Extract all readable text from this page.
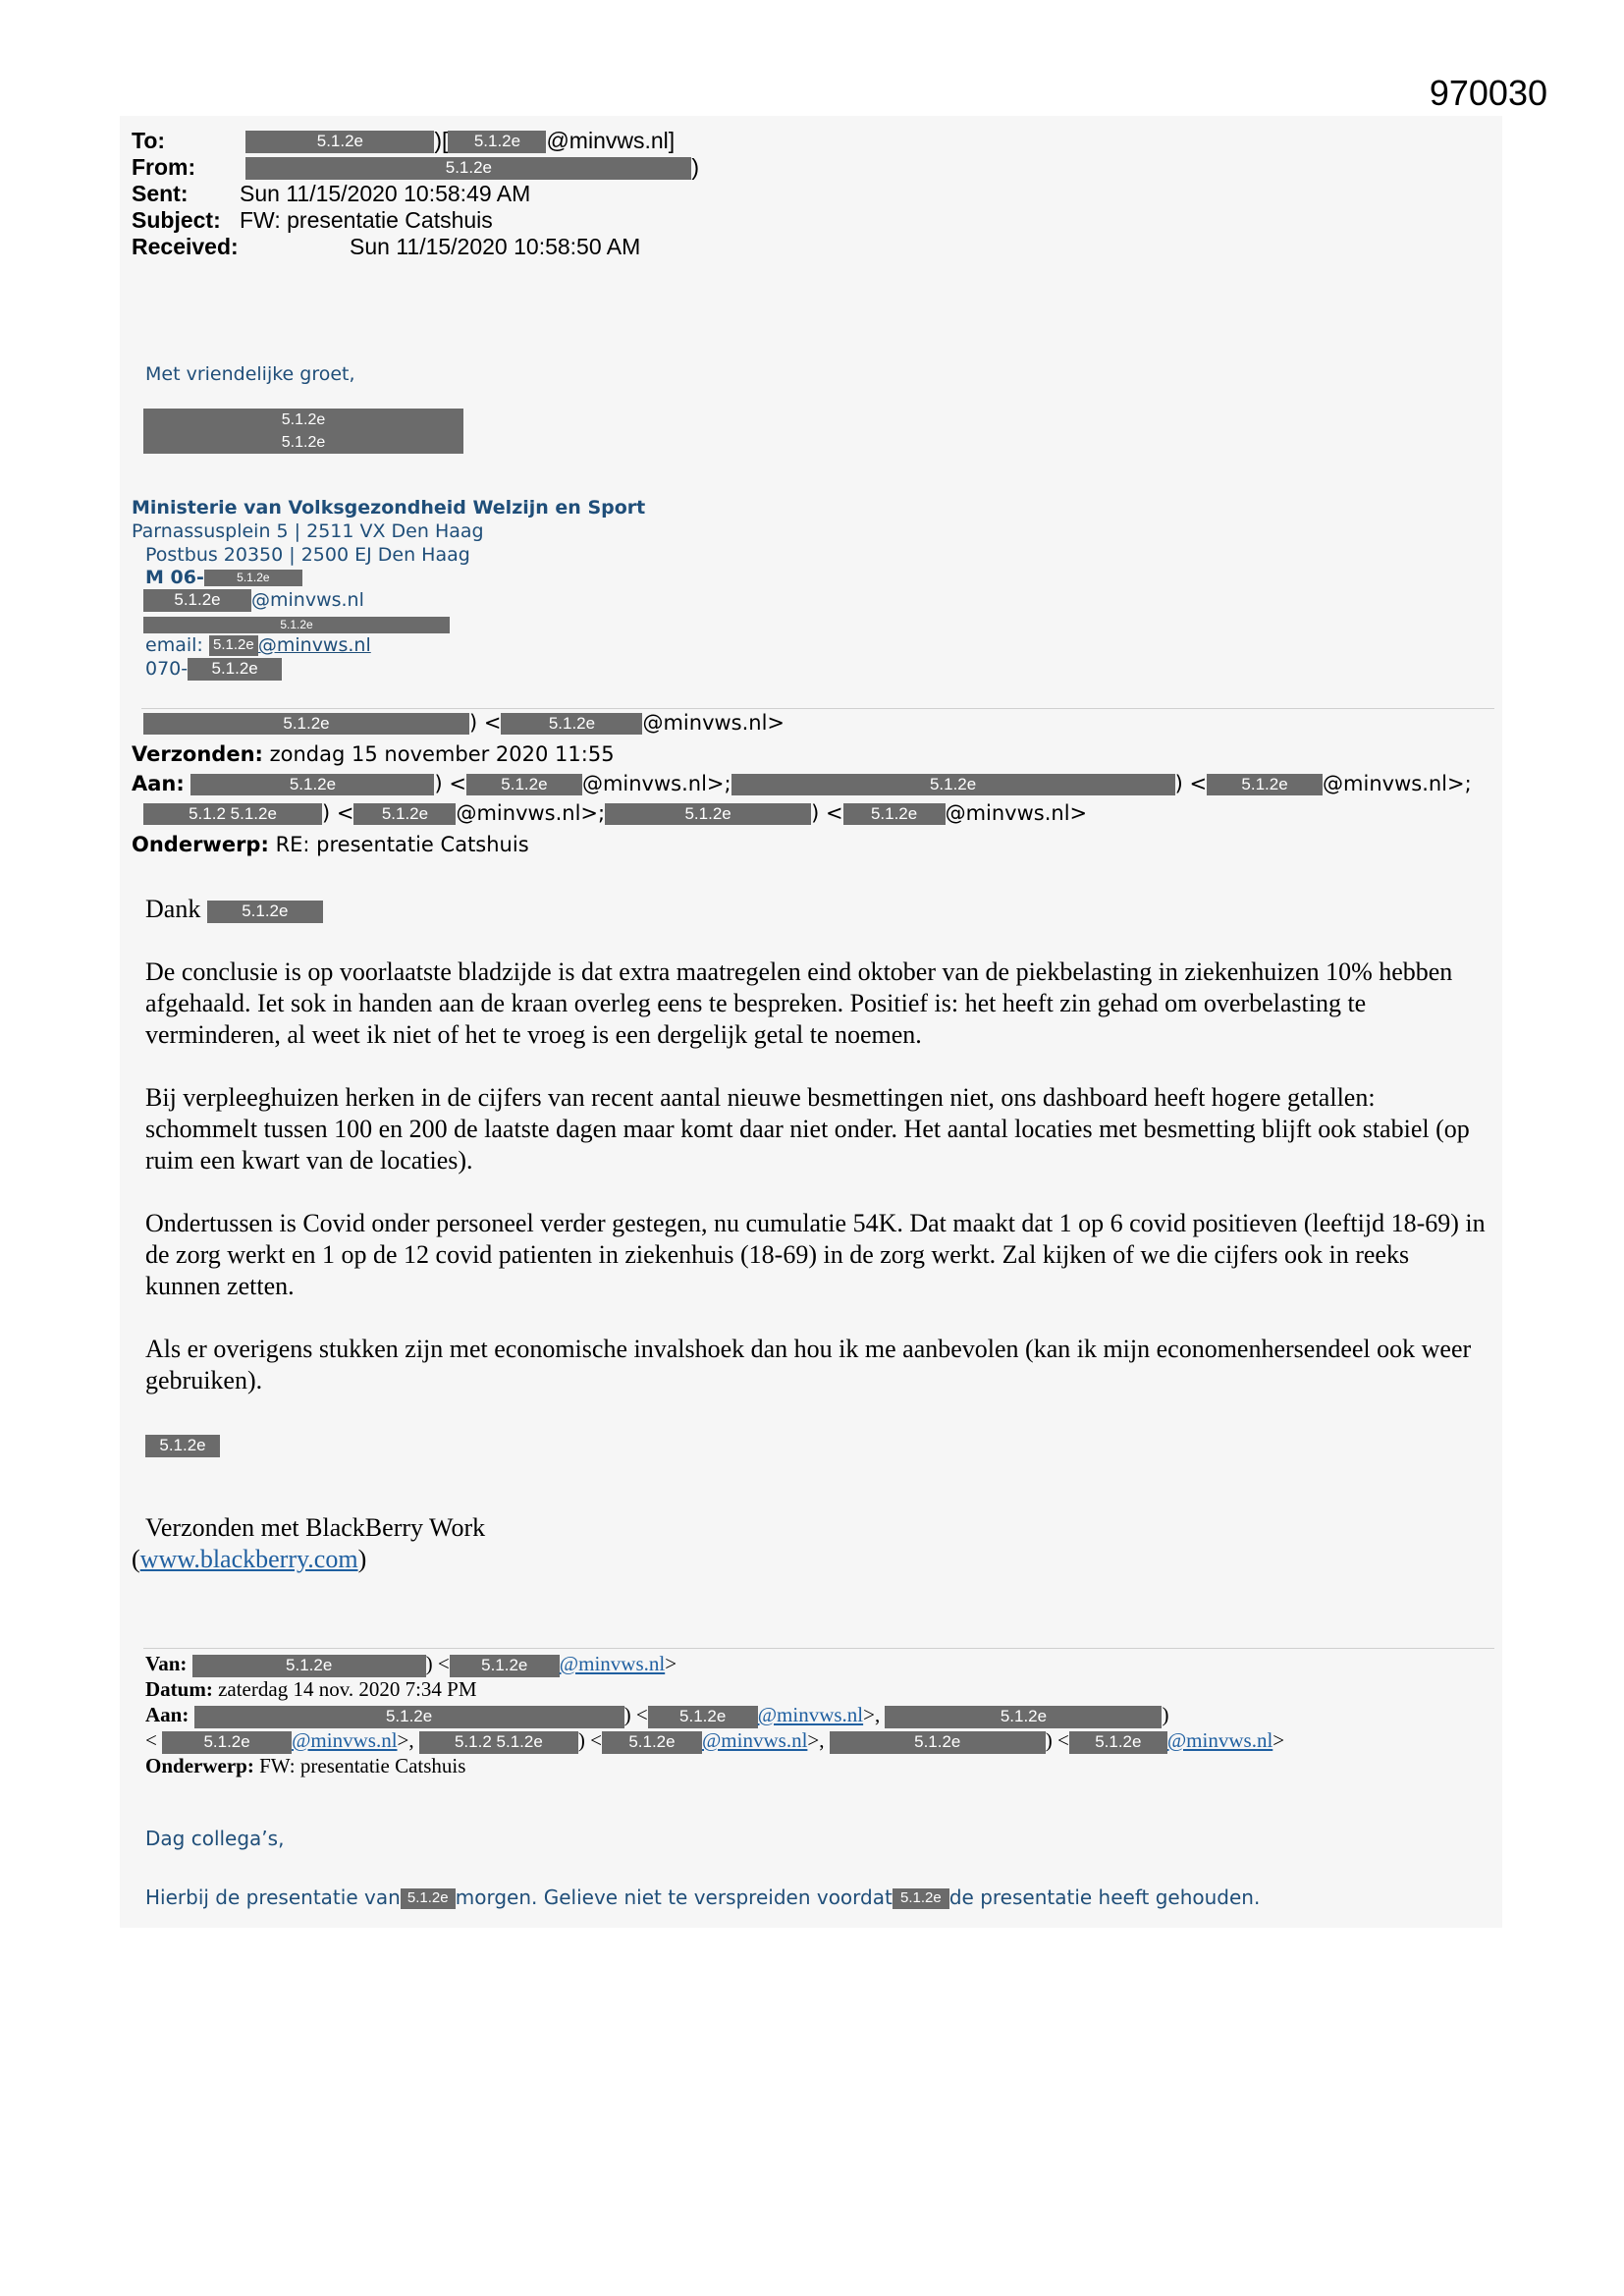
970030
To:	5.1.2e	)[ 5.1.2e @minvws.nl]
From:	5.1.2e	)
Sent: Sun 11/15/2020 10:58:49 AM
Subject: FW: presentatie Catshuis
Received:	Sun 11/15/2020 10:58:50 AM
Met vriendelijke groet,
5.1.2e
5.1.2e
Ministerie van Volksgezondheid Welzijn en Sport
Parnassusplein 5 | 2511 VX Den Haag
Postbus 20350 | 2500 EJ Den Haag
M 06-	5.1.2e
5.1.2e @minvws.nl
5.1.2e
email: 5.1.2e @minvws.nl
070- 5.1.2e
5.1.2e	) <	5.1.2e @minvws.nl>
Verzonden: zondag 15 november 2020 11:55
Aan:	5.1.2e	) < 5.1.2e @minvws.nl>;	5.1.2e	) < 5.1.2e @minvws.nl>;
5.1.2 5.1.2e ) < 5.1.2e @minvws.nl>;	5.1.2e	) < 5.1.2e @minvws.nl>
Onderwerp: RE: presentatie Catshuis

Dank 5.1.2e

De conclusie is op voorlaatste bladzijde is dat extra maatregelen eind oktober van de piekbelasting in ziekenhuizen 10% hebben afgehaald. Iet sok in handen aan de kraan overleg eens te bespreken. Positief is: het heeft zin gehad om overbelasting te verminderen, al weet ik niet of het te vroeg is een dergelijk getal te noemen.

Bij verpleeghuizen herken in de cijfers van recent aantal nieuwe besmettingen niet, ons dashboard heeft hogere getallen: schommelt tussen 100 en 200 de laatste dagen maar komt daar niet onder. Het aantal locaties met besmetting blijft ook stabiel (op ruim een kwart van de locaties).

Ondertussen is Covid onder personeel verder gestegen, nu cumulatie 54K. Dat maakt dat 1 op 6 covid positieven (leeftijd 18-69) in de zorg werkt en 1 op de 12 covid patienten in ziekenhuis (18-69) in de zorg werkt. Zal kijken of we die cijfers ook in reeks kunnen zetten.

Als er overigens stukken zijn met economische invalshoek dan hou ik me aanbevolen (kan ik mijn economenhersendeel ook weer gebruiken).

5.1.2e

Verzonden met BlackBerry Work
(www.blackberry.com)
Van:	5.1.2e	) < 5.1.2e @minvws.nl>
Datum: zaterdag 14 nov. 2020 7:34 PM
Aan:	5.1.2e	) < 5.1.2e @minvws.nl>,	5.1.2e	)
<	5.1.2e @minvws.nl>, 5.1.2 5.1.2e ) < 5.1.2e @minvws.nl>,	5.1.2e	) < 5.1.2e @minvws.nl>
Onderwerp: FW: presentatie Catshuis
Dag collega’s,
Hierbij de presentatie van 5.1.2e morgen. Gelieve niet te verspreiden voordat 5.1.2e de presentatie heeft gehouden.
